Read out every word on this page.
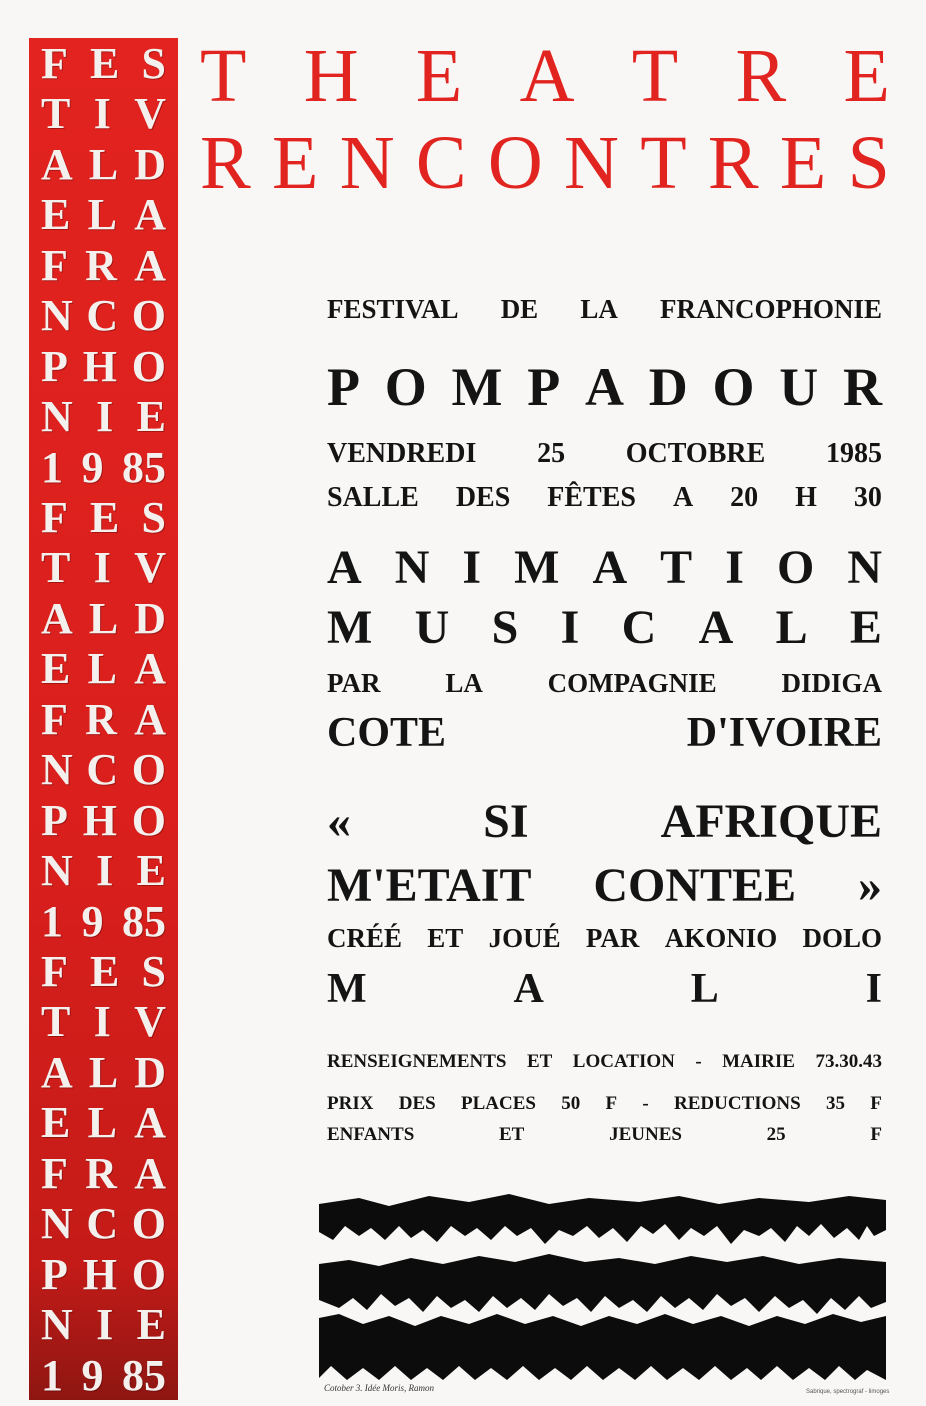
F E S
T I V
A L D
E L A
F R A
N C O
P H O
N I E
1 9 85
F E S
T I V
A L D
E L A
F R A
N C O
P H O
N I E
1 9 85
F E S
T I V
A L D
E L A
F R A
N C O
P H O
N I E
1 9 85
T H E A T R E
R E N C O N T R E S
FESTIVAL DE LA FRANCOPHONIE
P O M P A D O U R
VENDREDI 25 OCTOBRE 1985
SALLE DES FÊTES A 20 H 30
A N I M A T I O N
M U S I C A L E
PAR LA COMPAGNIE DIDIGA
COTE	D'IVOIRE
«	SI	AFRIQUE
M'ETAIT CONTEE »
CRÉÉ ET JOUÉ PAR AKONIO DOLO
M	A	L	I
RENSEIGNEMENTS ET LOCATION - MAIRIE 73.30.43
PRIX DES PLACES 50 F - REDUCTIONS 35 F
ENFANTS	ET	JEUNES	25	F
Cotober 3. Idée Moris, Ramon	Sabrique, spectrograf - limoges
